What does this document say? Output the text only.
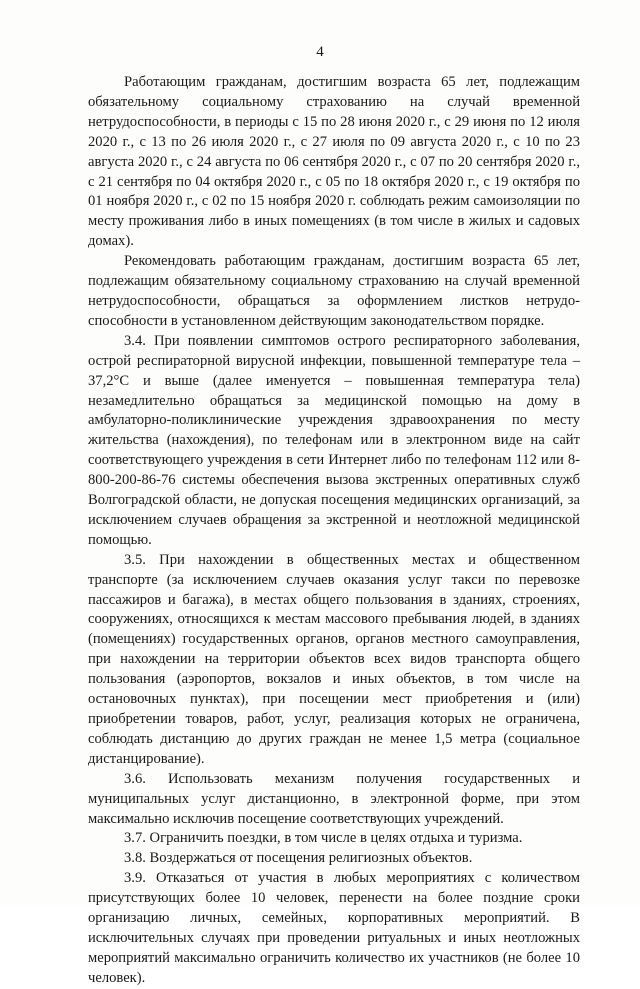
4

Работающим гражданам, достигшим возраста 65 лет, подлежащим обязательному социальному страхованию на случай временной нетрудоспособности, в периоды с 15 по 28 июня 2020 г., с 29 июня по 12 июля 2020 г., с 13 по 26 июля 2020 г., с 27 июля по 09 августа 2020 г., с 10 по 23 августа 2020 г., с 24 августа по 06 сентября 2020 г., с 07 по 20 сентября 2020 г., с 21 сентября по 04 октября 2020 г., с 05 по 18 октября 2020 г., с 19 октября по 01 ноября 2020 г., с 02 по 15 ноября 2020 г. соблюдать режим самоизоляции по месту проживания либо в иных помещениях (в том числе в жилых и садовых домах).

Рекомендовать работающим гражданам, достигшим возраста 65 лет, подлежащим обязательному социальному страхованию на случай временной нетрудоспособности, обращаться за оформлением листков нетрудоспособности в установленном действующим законодательством порядке.

3.4. При появлении симптомов острого респираторного заболевания, острой респираторной вирусной инфекции, повышенной температуре тела – 37,2°С и выше (далее именуется – повышенная температура тела) незамедлительно обращаться за медицинской помощью на дому в амбулаторно-поликлинические учреждения здравоохранения по месту жительства (нахождения), по телефонам или в электронном виде на сайт соответствующего учреждения в сети Интернет либо по телефонам 112 или 8-800-200-86-76 системы обеспечения вызова экстренных оперативных служб Волгоградской области, не допуская посещения медицинских организаций, за исключением случаев обращения за экстренной и неотложной медицинской помощью.

3.5. При нахождении в общественных местах и общественном транспорте (за исключением случаев оказания услуг такси по перевозке пассажиров и багажа), в местах общего пользования в зданиях, строениях, сооружениях, относящихся к местам массового пребывания людей, в зданиях (помещениях) государственных органов, органов местного самоуправления, при нахождении на территории объектов всех видов транспорта общего пользования (аэропортов, вокзалов и иных объектов, в том числе на остановочных пунктах), при посещении мест приобретения и (или) приобретении товаров, работ, услуг, реализация которых не ограничена, соблюдать дистанцию до других граждан не менее 1,5 метра (социальное дистанцирование).

3.6. Использовать механизм получения государственных и муниципальных услуг дистанционно, в электронной форме, при этом максимально исключив посещение соответствующих учреждений.

3.7. Ограничить поездки, в том числе в целях отдыха и туризма.

3.8. Воздержаться от посещения религиозных объектов.

3.9. Отказаться от участия в любых мероприятиях с количеством присутствующих более 10 человек, перенести на более поздние сроки организацию личных, семейных, корпоративных мероприятий. В исключительных случаях при проведении ритуальных и иных неотложных мероприятий максимально ограничить количество их участников (не более 10 человек).
